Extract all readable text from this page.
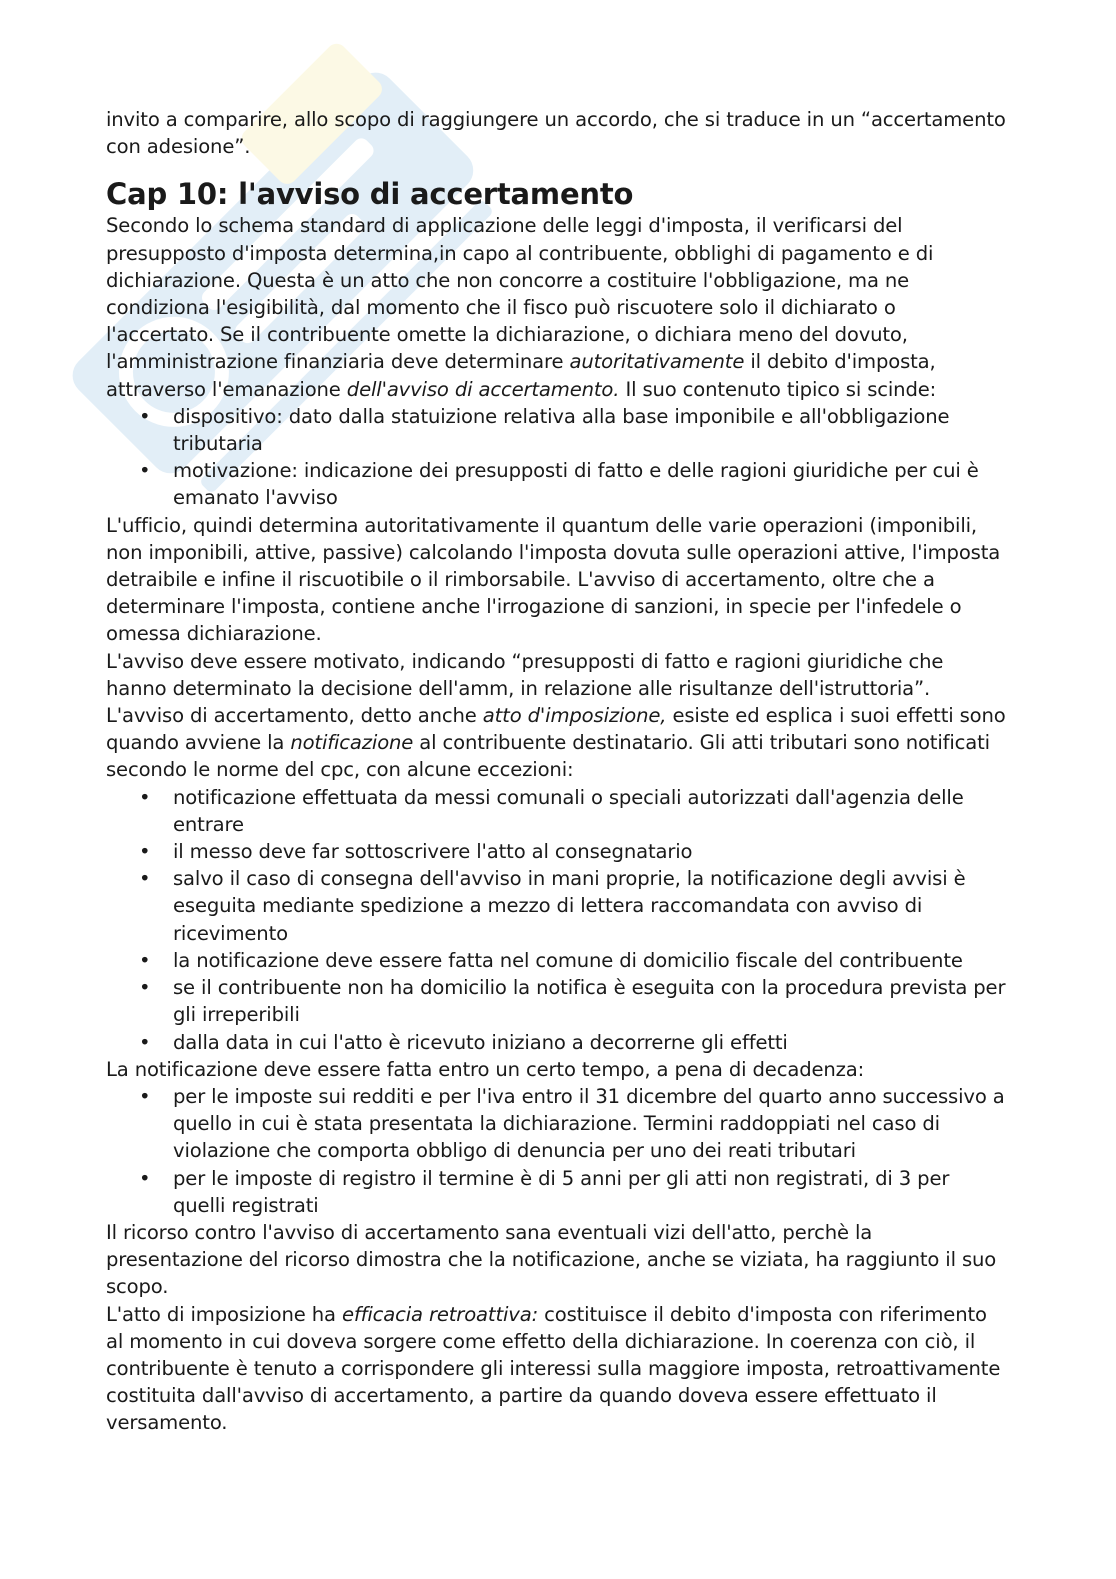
invito a comparire, allo scopo di raggiungere un accordo, che si traduce in un “accertamento con adesione”.

Cap 10: l'avviso di accertamento

Secondo lo schema standard di applicazione delle leggi d'imposta, il verificarsi del presupposto d'imposta determina,in capo al contribuente, obblighi di pagamento e di dichiarazione. Questa è un atto che non concorre a costituire l'obbligazione, ma ne condiziona l'esigibilità, dal momento che il fisco può riscuotere solo il dichiarato o l'accertato. Se il contribuente omette la dichiarazione, o dichiara meno del dovuto, l'amministrazione finanziaria deve determinare autoritativamente il debito d'imposta, attraverso l'emanazione dell'avviso di accertamento. Il suo contenuto tipico si scinde:

• dispositivo: dato dalla statuizione relativa alla base imponibile e all'obbligazione tributaria
• motivazione: indicazione dei presupposti di fatto e delle ragioni giuridiche per cui è emanato l'avviso

L'ufficio, quindi determina autoritativamente il quantum delle varie operazioni (imponibili, non imponibili, attive, passive) calcolando l'imposta dovuta sulle operazioni attive, l'imposta detraibile e infine il riscuotibile o il rimborsabile. L'avviso di accertamento, oltre che a determinare l'imposta, contiene anche l'irrogazione di sanzioni, in specie per l'infedele o omessa dichiarazione.

L'avviso deve essere motivato, indicando “presupposti di fatto e ragioni giuridiche che hanno determinato la decisione dell'amm, in relazione alle risultanze dell'istruttoria”.

L'avviso di accertamento, detto anche atto d'imposizione, esiste ed esplica i suoi effetti sono quando avviene la notificazione al contribuente destinatario. Gli atti tributari sono notificati secondo le norme del cpc, con alcune eccezioni:

• notificazione effettuata da messi comunali o speciali autorizzati dall'agenzia delle entrare
• il messo deve far sottoscrivere l'atto al consegnatario
• salvo il caso di consegna dell'avviso in mani proprie, la notificazione degli avvisi è eseguita mediante spedizione a mezzo di lettera raccomandata con avviso di ricevimento
• la notificazione deve essere fatta nel comune di domicilio fiscale del contribuente
• se il contribuente non ha domicilio la notifica è eseguita con la procedura prevista per gli irreperibili
• dalla data in cui l'atto è ricevuto iniziano a decorrerne gli effetti

La notificazione deve essere fatta entro un certo tempo, a pena di decadenza:

• per le imposte sui redditi e per l'iva entro il 31 dicembre del quarto anno successivo a quello in cui è stata presentata la dichiarazione. Termini raddoppiati nel caso di violazione che comporta obbligo di denuncia per uno dei reati tributari
• per le imposte di registro il termine è di 5 anni per gli atti non registrati, di 3 per quelli registrati

Il ricorso contro l'avviso di accertamento sana eventuali vizi dell'atto, perchè la presentazione del ricorso dimostra che la notificazione, anche se viziata, ha raggiunto il suo scopo.

L'atto di imposizione ha efficacia retroattiva: costituisce il debito d'imposta con riferimento al momento in cui doveva sorgere come effetto della dichiarazione. In coerenza con ciò, il contribuente è tenuto a corrispondere gli interessi sulla maggiore imposta, retroattivamente costituita dall'avviso di accertamento, a partire da quando doveva essere effettuato il versamento.
